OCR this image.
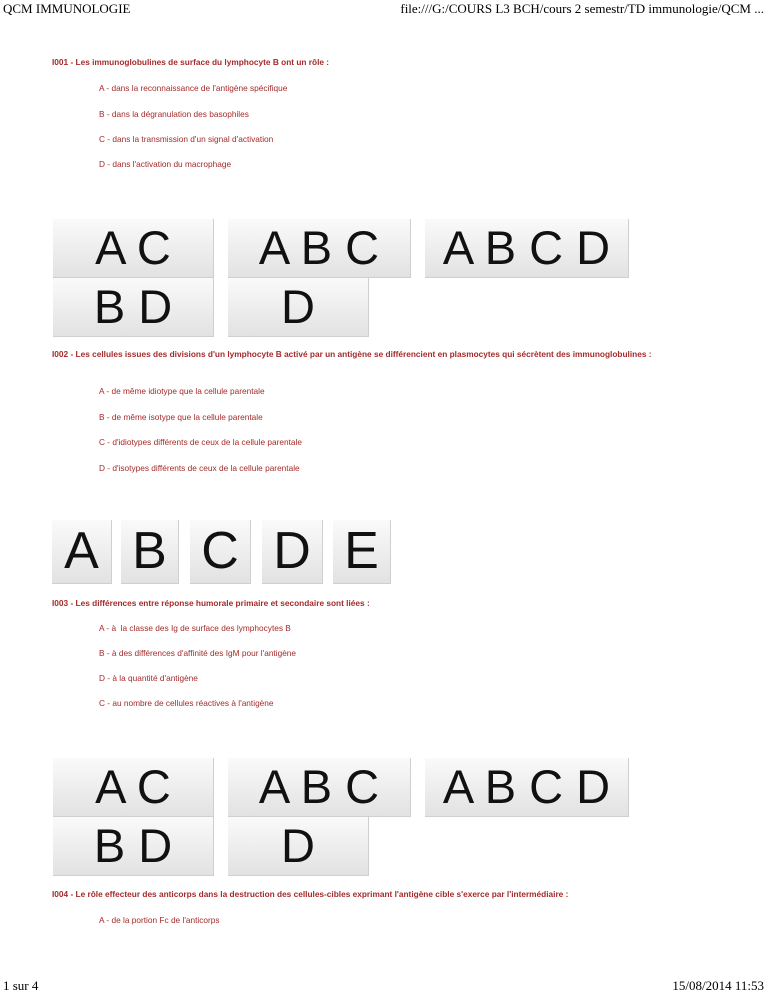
QCM IMMUNOLOGIE	file:///G:/COURS L3 BCH/cours 2 semestr/TD immunologie/QCM ...
I001 - Les immunoglobulines de surface du lymphocyte B ont un rôle :
A - dans la reconnaissance de l'antigène spécifique
B - dans la dégranulation des basophiles
C - dans la transmission d'un signal d'activation
D - dans l'activation du macrophage
A C
B D
A B C
D
A B C D
I002 - Les cellules issues des divisions d'un lymphocyte B activé par un antigène se différencient en plasmocytes qui sécrètent des immunoglobulines :
A - de même idiotype que la cellule parentale
B - de même isotype que la cellule parentale
C - d'idiotypes différents de ceux de la cellule parentale
D - d'isotypes différents de ceux de la cellule parentale
A B C D E
I003 - Les différences entre réponse humorale primaire et secondaire sont liées :
A - à  la classe des Ig de surface des lymphocytes B
B - à des différences d'affinité des IgM pour l'antigène
D - à la quantité d'antigène
C - au nombre de cellules réactives à l'antigène
A C
B D
A B C
D
A B C D
I004 - Le rôle effecteur des anticorps dans la destruction des cellules-cibles exprimant l'antigène cible s'exerce par l'intermédiaire :
A - de la portion Fc de l'anticorps
1 sur 4	15/08/2014 11:53
